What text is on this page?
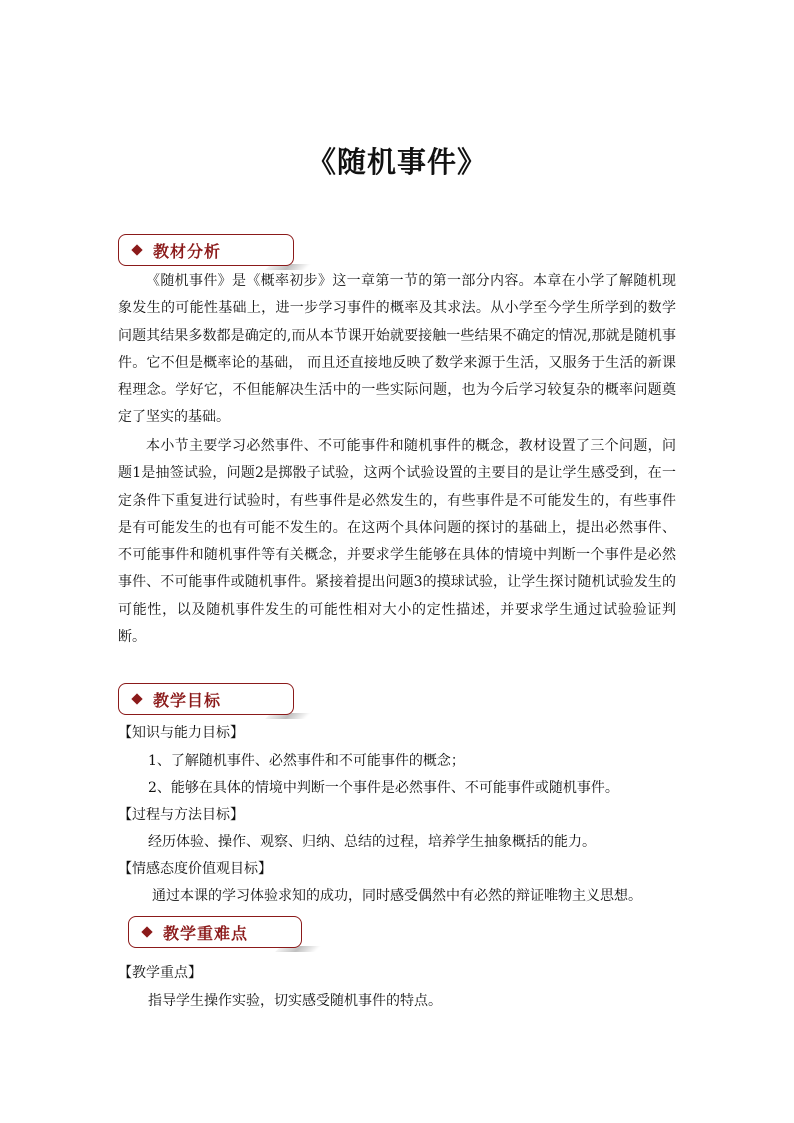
《随机事件》
教材分析
《随机事件》是《概率初步》这一章第一节的第一部分内容。本章在小学了解随机现象发生的可能性基础上，进一步学习事件的概率及其求法。从小学至今学生所学到的数学问题其结果多数都是确定的,而从本节课开始就要接触一些结果不确定的情况,那就是随机事件。它不但是概率论的基础， 而且还直接地反映了数学来源于生活，又服务于生活的新课程理念。学好它，不但能解决生活中的一些实际问题，也为今后学习较复杂的概率问题奠定了坚实的基础。
本小节主要学习必然事件、不可能事件和随机事件的概念，教材设置了三个问题，问题1是抽签试验，问题2是掷骰子试验，这两个试验设置的主要目的是让学生感受到，在一定条件下重复进行试验时，有些事件是必然发生的，有些事件是不可能发生的，有些事件是有可能发生的也有可能不发生的。在这两个具体问题的探讨的基础上，提出必然事件、不可能事件和随机事件等有关概念，并要求学生能够在具体的情境中判断一个事件是必然事件、不可能事件或随机事件。紧接着提出问题3的摸球试验，让学生探讨随机试验发生的可能性，以及随机事件发生的可能性相对大小的定性描述，并要求学生通过试验验证判断。
教学目标
【知识与能力目标】
1、了解随机事件、必然事件和不可能事件的概念；
2、能够在具体的情境中判断一个事件是必然事件、不可能事件或随机事件。
【过程与方法目标】
经历体验、操作、观察、归纳、总结的过程，培养学生抽象概括的能力。
【情感态度价值观目标】
通过本课的学习体验求知的成功，同时感受偶然中有必然的辩证唯物主义思想。
教学重难点
【教学重点】
指导学生操作实验，切实感受随机事件的特点。
